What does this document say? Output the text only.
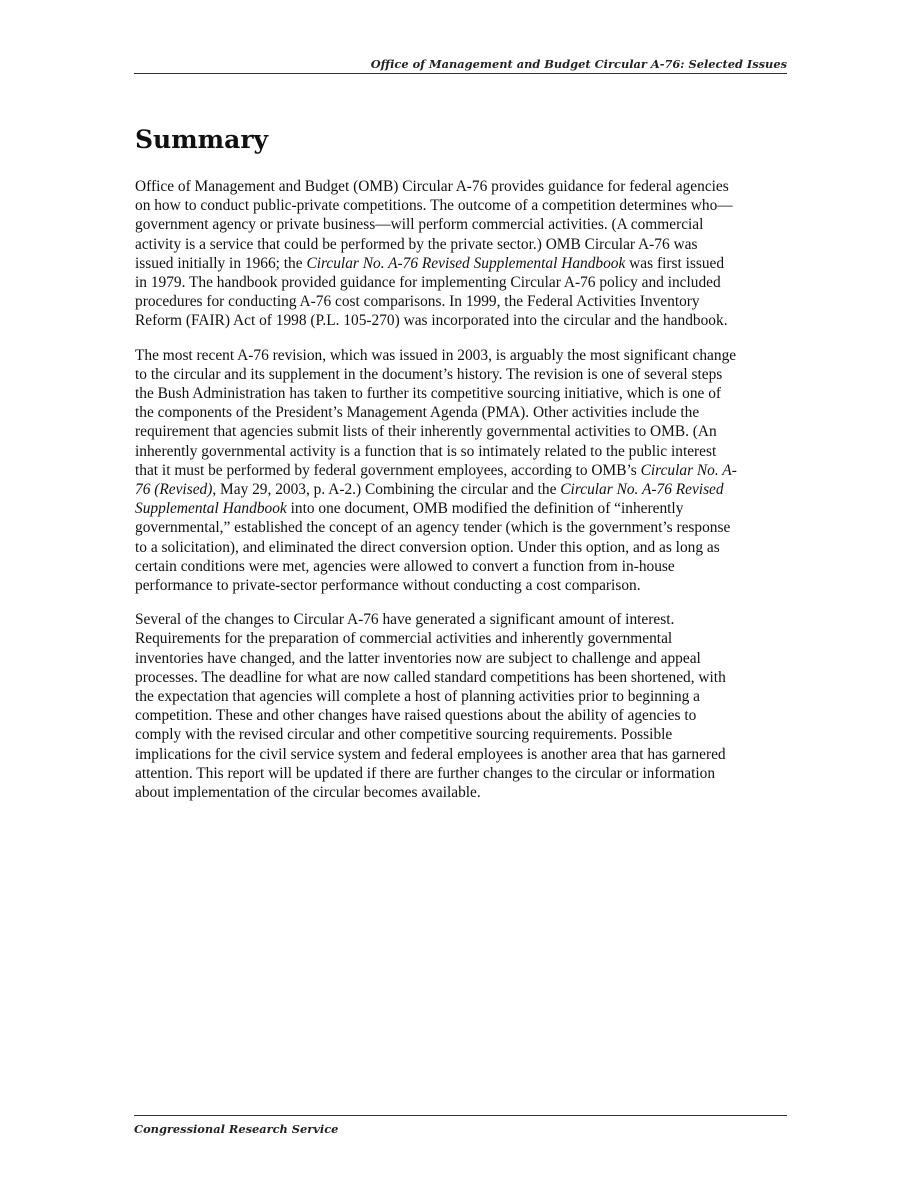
Office of Management and Budget Circular A-76: Selected Issues
Summary

Office of Management and Budget (OMB) Circular A-76 provides guidance for federal agencies
on how to conduct public-private competitions. The outcome of a competition determines who—
government agency or private business—will perform commercial activities. (A commercial
activity is a service that could be performed by the private sector.) OMB Circular A-76 was
issued initially in 1966; the Circular No. A-76 Revised Supplemental Handbook was first issued
in 1979. The handbook provided guidance for implementing Circular A-76 policy and included
procedures for conducting A-76 cost comparisons. In 1999, the Federal Activities Inventory
Reform (FAIR) Act of 1998 (P.L. 105-270) was incorporated into the circular and the handbook.

The most recent A-76 revision, which was issued in 2003, is arguably the most significant change
to the circular and its supplement in the document’s history. The revision is one of several steps
the Bush Administration has taken to further its competitive sourcing initiative, which is one of
the components of the President’s Management Agenda (PMA). Other activities include the
requirement that agencies submit lists of their inherently governmental activities to OMB. (An
inherently governmental activity is a function that is so intimately related to the public interest
that it must be performed by federal government employees, according to OMB’s Circular No. A-
76 (Revised), May 29, 2003, p. A-2.) Combining the circular and the Circular No. A-76 Revised
Supplemental Handbook into one document, OMB modified the definition of “inherently
governmental,” established the concept of an agency tender (which is the government’s response
to a solicitation), and eliminated the direct conversion option. Under this option, and as long as
certain conditions were met, agencies were allowed to convert a function from in-house
performance to private-sector performance without conducting a cost comparison.

Several of the changes to Circular A-76 have generated a significant amount of interest.
Requirements for the preparation of commercial activities and inherently governmental
inventories have changed, and the latter inventories now are subject to challenge and appeal
processes. The deadline for what are now called standard competitions has been shortened, with
the expectation that agencies will complete a host of planning activities prior to beginning a
competition. These and other changes have raised questions about the ability of agencies to
comply with the revised circular and other competitive sourcing requirements. Possible
implications for the civil service system and federal employees is another area that has garnered
attention. This report will be updated if there are further changes to the circular or information
about implementation of the circular becomes available.

Congressional Research Service
